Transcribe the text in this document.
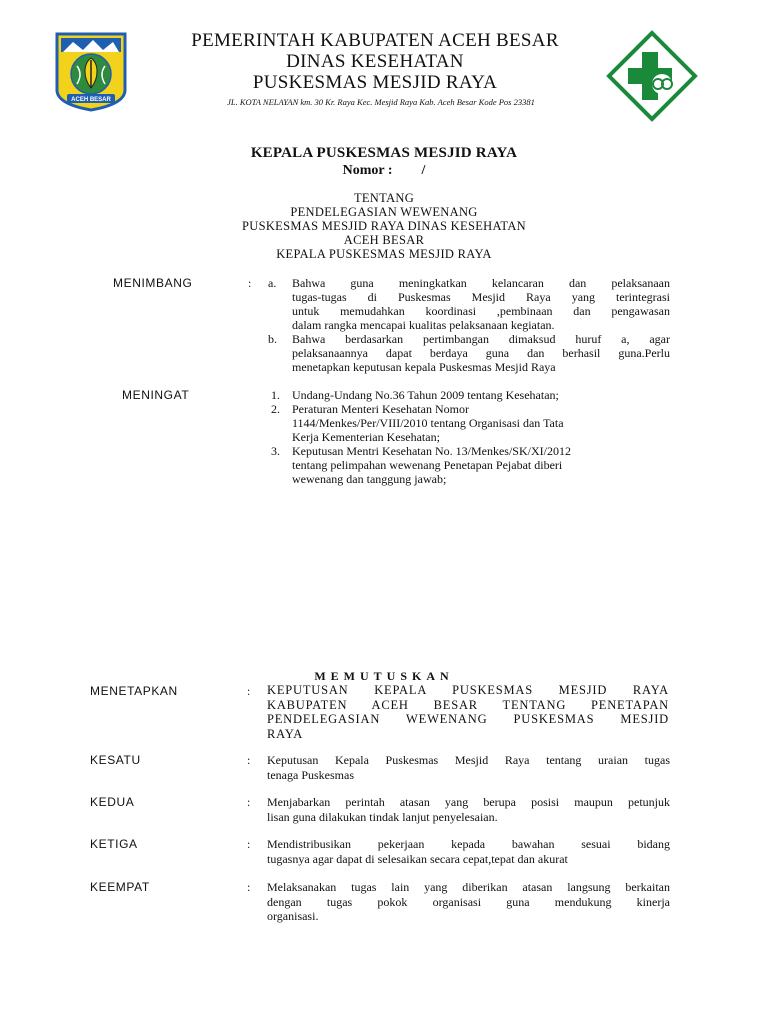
ACEH BESAR
PEMERINTAH KABUPATEN ACEH BESAR
DINAS KESEHATAN
PUSKESMAS MESJID RAYA
JL. KOTA NELAYAN km. 30 Kr. Raya Kec. Mesjid Raya Kab. Aceh Besar Kode Pos 23381
KEPALA PUSKESMAS MESJID RAYA
Nomor : /
TENTANG
PENDELEGASIAN WEWENANG
PUSKESMAS MESJID RAYA DINAS KESEHATAN
ACEH BESAR
KEPALA PUSKESMAS MESJID RAYA
MENIMBANG	: a. Bahwa guna meningkatkan kelancaran dan pelaksanaan
tugas-tugas di Puskesmas Mesjid Raya yang terintegrasi
untuk memudahkan koordinasi ,pembinaan dan pengawasan
dalam rangka mencapai kualitas pelaksanaan kegiatan.
b. Bahwa berdasarkan pertimbangan dimaksud huruf a, agar
pelaksanaannya dapat berdaya guna dan berhasil guna.Perlu
menetapkan keputusan kepala Puskesmas Mesjid Raya
MENINGAT	1. Undang-Undang No.36 Tahun 2009 tentang Kesehatan;
2. Peraturan Menteri Kesehatan Nomor
1144/Menkes/Per/VIII/2010 tentang Organisasi dan Tata
Kerja Kementerian Kesehatan;
3. Keputusan Mentri Kesehatan No. 13/Menkes/SK/XI/2012
tentang pelimpahan wewenang Penetapan Pejabat diberi
wewenang dan tanggung jawab;
MEMUTUSKAN
MENETAPKAN	: KEPUTUSAN KEPALA PUSKESMAS MESJID RAYA
KABUPATEN ACEH BESAR TENTANG PENETAPAN
PENDELEGASIAN WEWENANG PUSKESMAS MESJID
RAYA
KESATU	: Keputusan Kepala Puskesmas Mesjid Raya tentang uraian tugas
tenaga Puskesmas
KEDUA	: Menjabarkan perintah atasan yang berupa posisi maupun petunjuk
lisan guna dilakukan tindak lanjut penyelesaian.
KETIGA	: Mendistribusikan pekerjaan kepada bawahan sesuai bidang
tugasnya agar dapat di selesaikan secara cepat,tepat dan akurat
KEEMPAT	: Melaksanakan tugas lain yang diberikan atasan langsung berkaitan
dengan tugas pokok organisasi guna mendukung kinerja
organisasi.
